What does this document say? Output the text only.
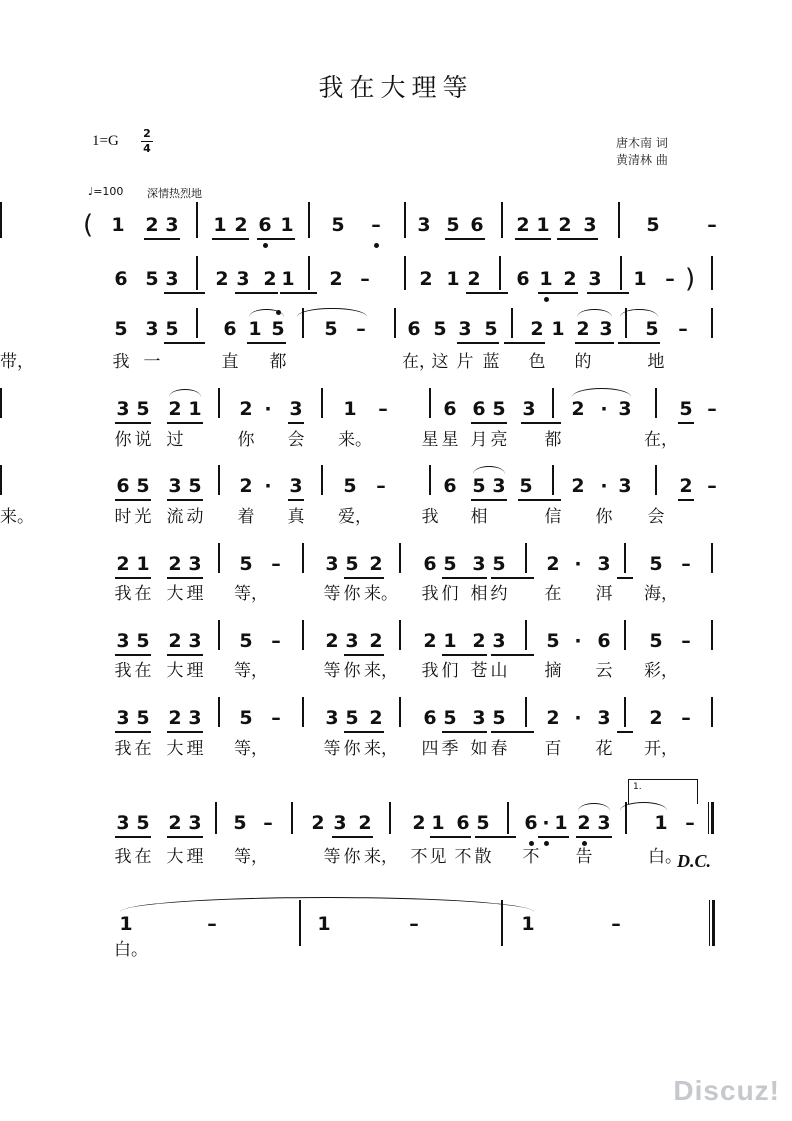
我在大理等
1=G 2
4	唐木南 词
黄清林 曲
♩=100 深情热烈地
( 1 2 3 1 2 6 1 5	–	3 5 6 2 1 2 3	5	–
6 5 3 2 3 2 1 2 –	2 1 2 6 1 2 3 1 – )
5 3 5 6 1 5 5 –	6 5 3 5 2 1 2 3 5	–
我 一	直 都	在，
这 片 蓝 色 的	地
带，
3 5 2 1 2 · 3 1	–	6 6 5 3 2 · 3	5 –
你 说 过	你 会 来。	星 星 月 亮 都	在，
6 5 3 5 2 · 3 5	–	6 5 3 5 2 · 3	2 –
时 光 流 动 着 真 爱，	我 相	信 你 会
来。
2 1 2 3 5 –	3 5 2 6 5 3 5 2 · 3 5 –
我 在 大 理 等，	等 你 来。 我 们 相 约 在 洱 海，
3 5 2 3 5 –	2 3 2 2 1 2 3 5 · 6 5 –
我 在 大 理 等，	等 你 来， 我 们 苍 山 摘 云 彩，
3 5 2 3 5 –	3 5 2 6 5 3 5 2 · 3 2 –
我 在 大 理 等，	等 你 来， 四 季 如 春 百 花 开，
3 5 2 3 5 –	2 3 2 2 1 6 5 6 · 1 2 3 1 –
我 在 大 理 等，	等 你 来， 不 见 不 散 不 告	白。
1	–	1	–	1	–
白。
D.C.
1.
Discuz!
